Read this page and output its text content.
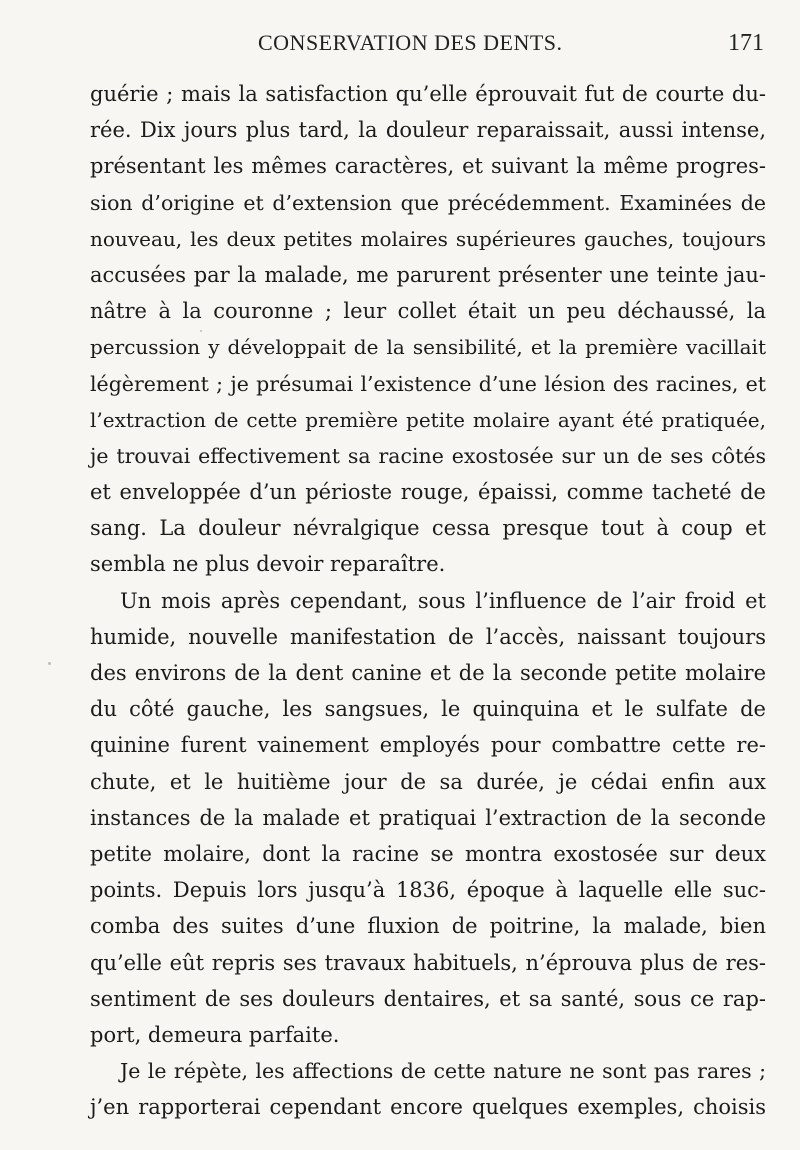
CONSERVATION DES DENTS.	171
guérie ; mais la satisfaction qu’elle éprouvait fut de courte du-
rée. Dix jours plus tard, la douleur reparaissait, aussi intense,
présentant les mêmes caractères, et suivant la même progres-
sion d’origine et d’extension que précédemment. Examinées de
nouveau, les deux petites molaires supérieures gauches, toujours
accusées par la malade, me parurent présenter une teinte jau-
nâtre à la couronne ; leur collet était un peu déchaussé, la
percussion y développait de la sensibilité, et la première vacillait
légèrement ; je présumai l’existence d’une lésion des racines, et
l’extraction de cette première petite molaire ayant été pratiquée,
je trouvai effectivement sa racine exostosée sur un de ses côtés
et enveloppée d’un périoste rouge, épaissi, comme tacheté de
sang. La douleur névralgique cessa presque tout à coup et
sembla ne plus devoir reparaître.
Un mois après cependant, sous l’influence de l’air froid et
humide, nouvelle manifestation de l’accès, naissant toujours
des environs de la dent canine et de la seconde petite molaire
du côté gauche, les sangsues, le quinquina et le sulfate de
quinine furent vainement employés pour combattre cette re-
chute, et le huitième jour de sa durée, je cédai enfin aux
instances de la malade et pratiquai l’extraction de la seconde
petite molaire, dont la racine se montra exostosée sur deux
points. Depuis lors jusqu’à 1836, époque à laquelle elle suc-
comba des suites d’une fluxion de poitrine, la malade, bien
qu’elle eût repris ses travaux habituels, n’éprouva plus de res-
sentiment de ses douleurs dentaires, et sa santé, sous ce rap-
port, demeura parfaite.
Je le répète, les affections de cette nature ne sont pas rares ;
j’en rapporterai cependant encore quelques exemples, choisis
